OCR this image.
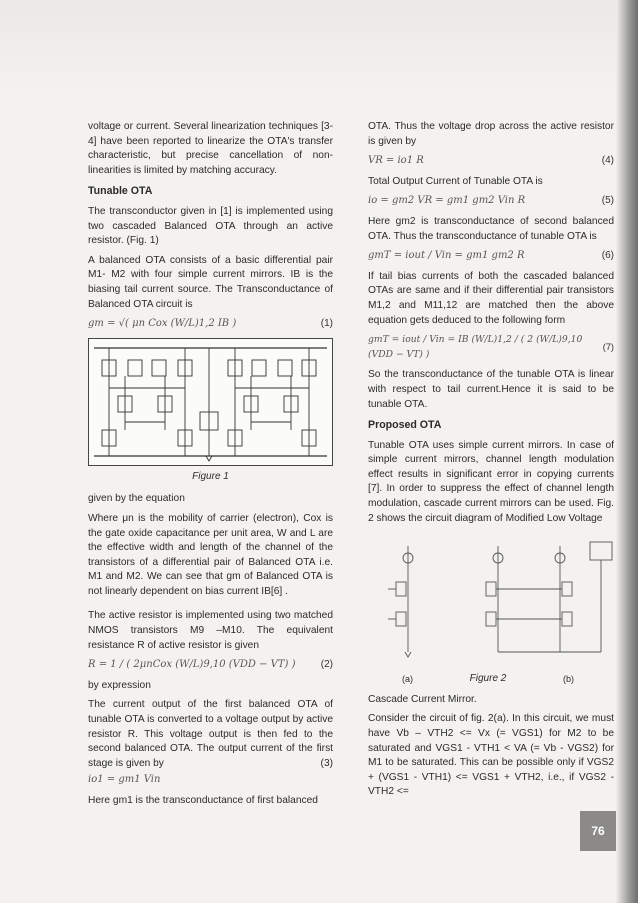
voltage or current. Several linearization techniques [3-4] have been reported to linearize the OTA's transfer characteristic, but precise cancellation of non-linearities is limited by matching accuracy.

Tunable OTA

The transconductor given in [1] is implemented using two cascaded Balanced OTA through an active resistor. (Fig. 1)

A balanced OTA consists of a basic differential pair M1- M2 with four simple current mirrors. IB is the biasing tail current source. The Transconductance of Balanced OTA circuit is

gm = √( μn Cox (W/L)1,2 IB )	(1)
Figure 1

given by the equation

Where μn is the mobility of carrier (electron), Cox is the gate oxide capacitance per unit area, W and L are the effective width and length of the channel of the transistors of a differential pair of Balanced OTA i.e. M1 and M2. We can see that gm of Balanced OTA is not linearly dependent on bias current IB[6] .

The active resistor is implemented using two matched NMOS transistors M9 –M10. The equivalent resistance R of active resistor is given

R = 1 / ( 2μnCox (W/L)9,10 (VDD − VT) )	(2)

by expression

The current output of the first balanced OTA of tunable OTA is converted to a voltage output by active resistor R. This voltage output is then fed to the second balanced OTA. The output current of the first stage is given by	(3)

io1 = gm1 Vin

Here gm1 is the transconductance of first balanced

OTA. Thus the voltage drop across the active resistor is given by

VR = io1 R	(4)

Total Output Current of Tunable OTA is

io = gm2 VR = gm1 gm2 Vin R	(5)

Here gm2 is transconductance of second balanced OTA. Thus the transconductance of tunable OTA is

gmT = iout / Vin = gm1 gm2 R	(6)

If tail bias currents of both the cascaded balanced OTAs are same and if their differential pair transistors M1,2 and M11,12 are matched then the above equation gets deduced to the following form

gmT = iout / Vin = IB (W/L)1,2 / ( 2 (W/L)9,10 (VDD − VT) )
(7)

So the transconductance of the tunable OTA is linear with respect to tail current.Hence it is said to be tunable OTA.

Proposed OTA

Tunable OTA uses simple current mirrors. In case of simple current mirrors, channel length modulation effect results in significant error in copying currents [7]. In order to suppress the effect of channel length modulation, cascade current mirrors can be used. Fig. 2 shows the circuit diagram of Modified Low Voltage

(a)	Figure 2	(b)

Cascade Current Mirror.

Consider the circuit of fig. 2(a). In this circuit, we must have Vb – VTH2 <= Vx (= VGS1) for M2 to be saturated and VGS1 - VTH1 < VA (= Vb - VGS2) for M1 to be saturated. This can be possible only if VGS2 + (VGS1 - VTH1) <= VGS1 + VTH2, i.e., if VGS2 - VTH2 <=

76
